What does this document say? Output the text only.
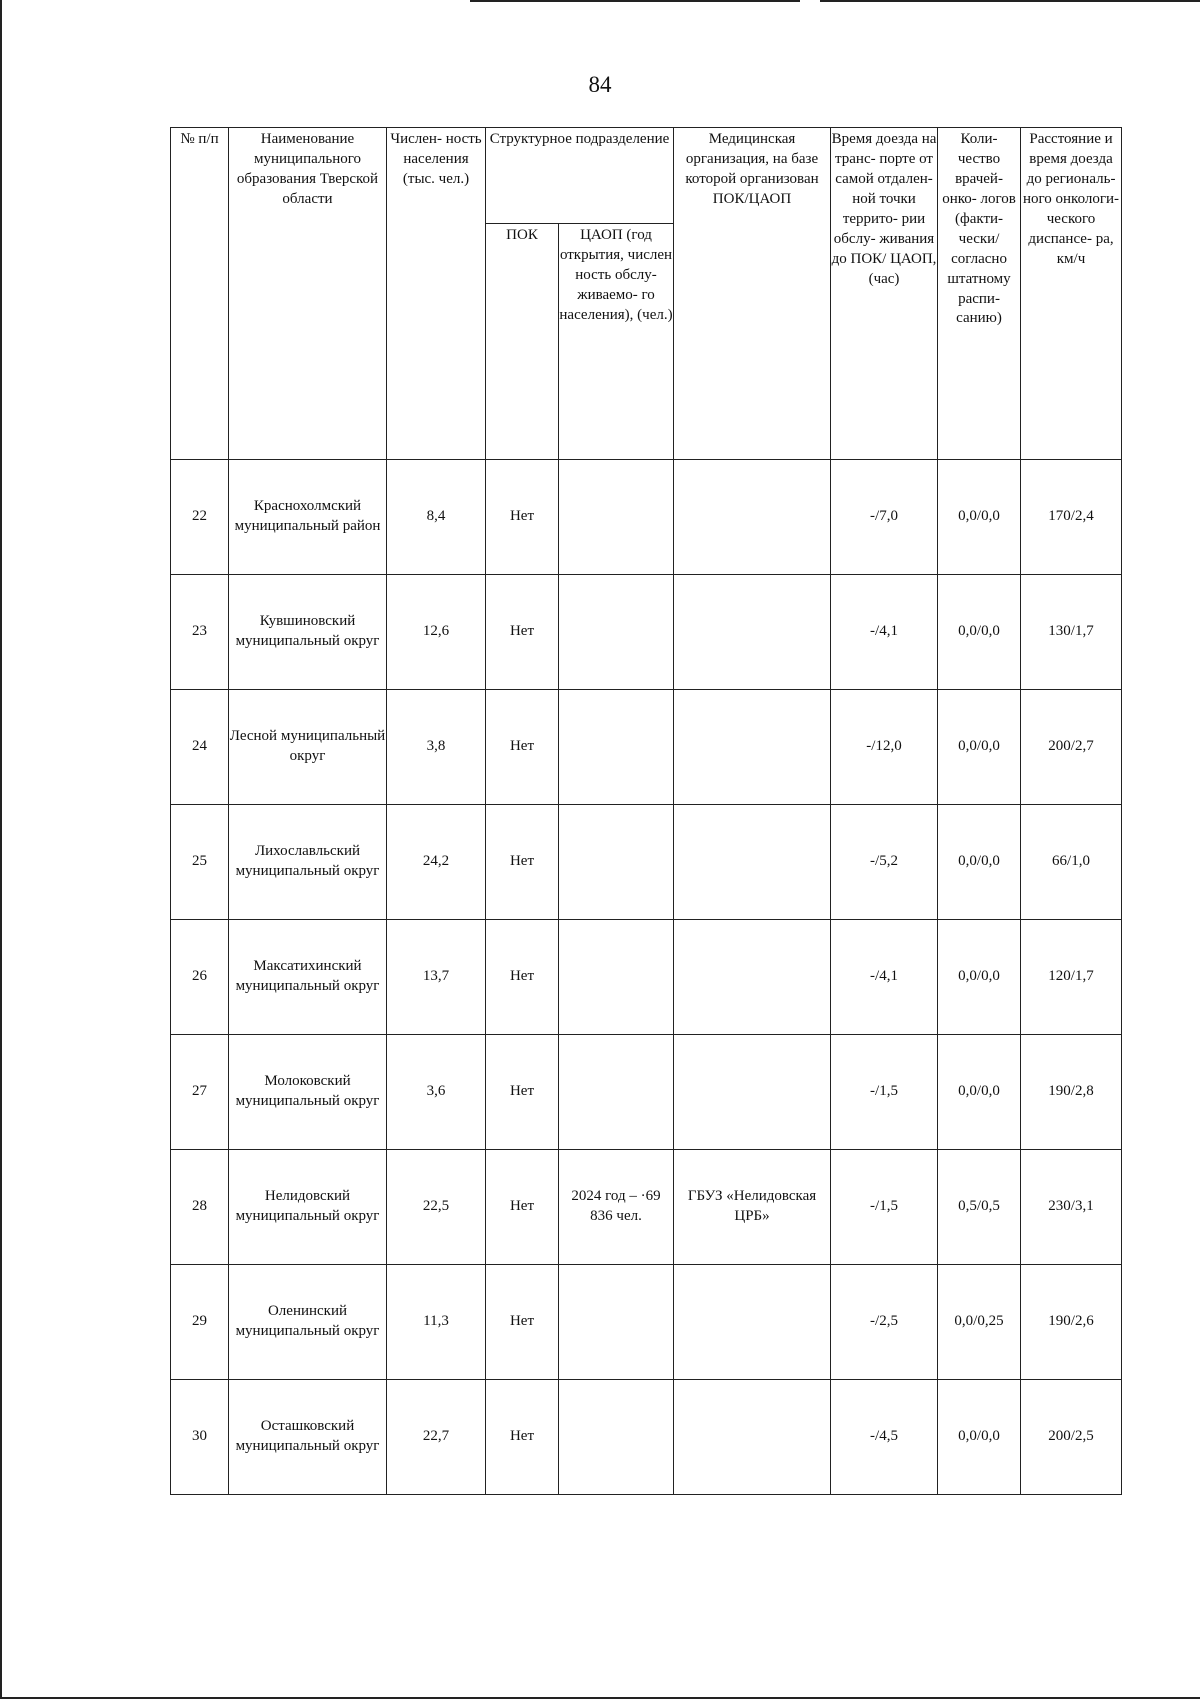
84
№ п/п	Наименование муниципального образования Тверской области	Числен- ность населения (тыс. чел.)	Структурное подразделение		Медицинская организация, на базе которой организован ПОК/ЦАОП	Время доезда на транс- порте от самой отдален- ной точки террито- рии обслу- живания до ПОК/ ЦАОП, (час)	Коли- чество врачей- онко- логов (факти- чески/ согласно штатному распи- санию)	Расстояние и время доезда до региональ- ного онкологи- ческого диспансе- ра, км/ч
			ПОК	ЦАОП (год открытия, числен ность обслу- живаемо- го населения), (чел.)				
22	Краснохолмский муниципальный район	8,4	Нет			-/7,0	0,0/0,0	170/2,4
23	Кувшиновский муниципальный округ	12,6	Нет			-/4,1	0,0/0,0	130/1,7
24	Лесной муниципальный округ	3,8	Нет			-/12,0	0,0/0,0	200/2,7
25	Лихославльский муниципальный округ	24,2	Нет			-/5,2	0,0/0,0	66/1,0
26	Максатихинский муниципальный округ	13,7	Нет			-/4,1	0,0/0,0	120/1,7
27	Молоковский муниципальный округ	3,6	Нет			-/1,5	0,0/0,0	190/2,8
28	Нелидовский муниципальный округ	22,5	Нет	2024 год – ·69 836 чел.	ГБУЗ «Нелидовская ЦРБ»	-/1,5	0,5/0,5	230/3,1
29	Оленинский муниципальный округ	11,3	Нет			-/2,5	0,0/0,25	190/2,6
30	Осташковский муниципальный округ	22,7	Нет			-/4,5	0,0/0,0	200/2,5
